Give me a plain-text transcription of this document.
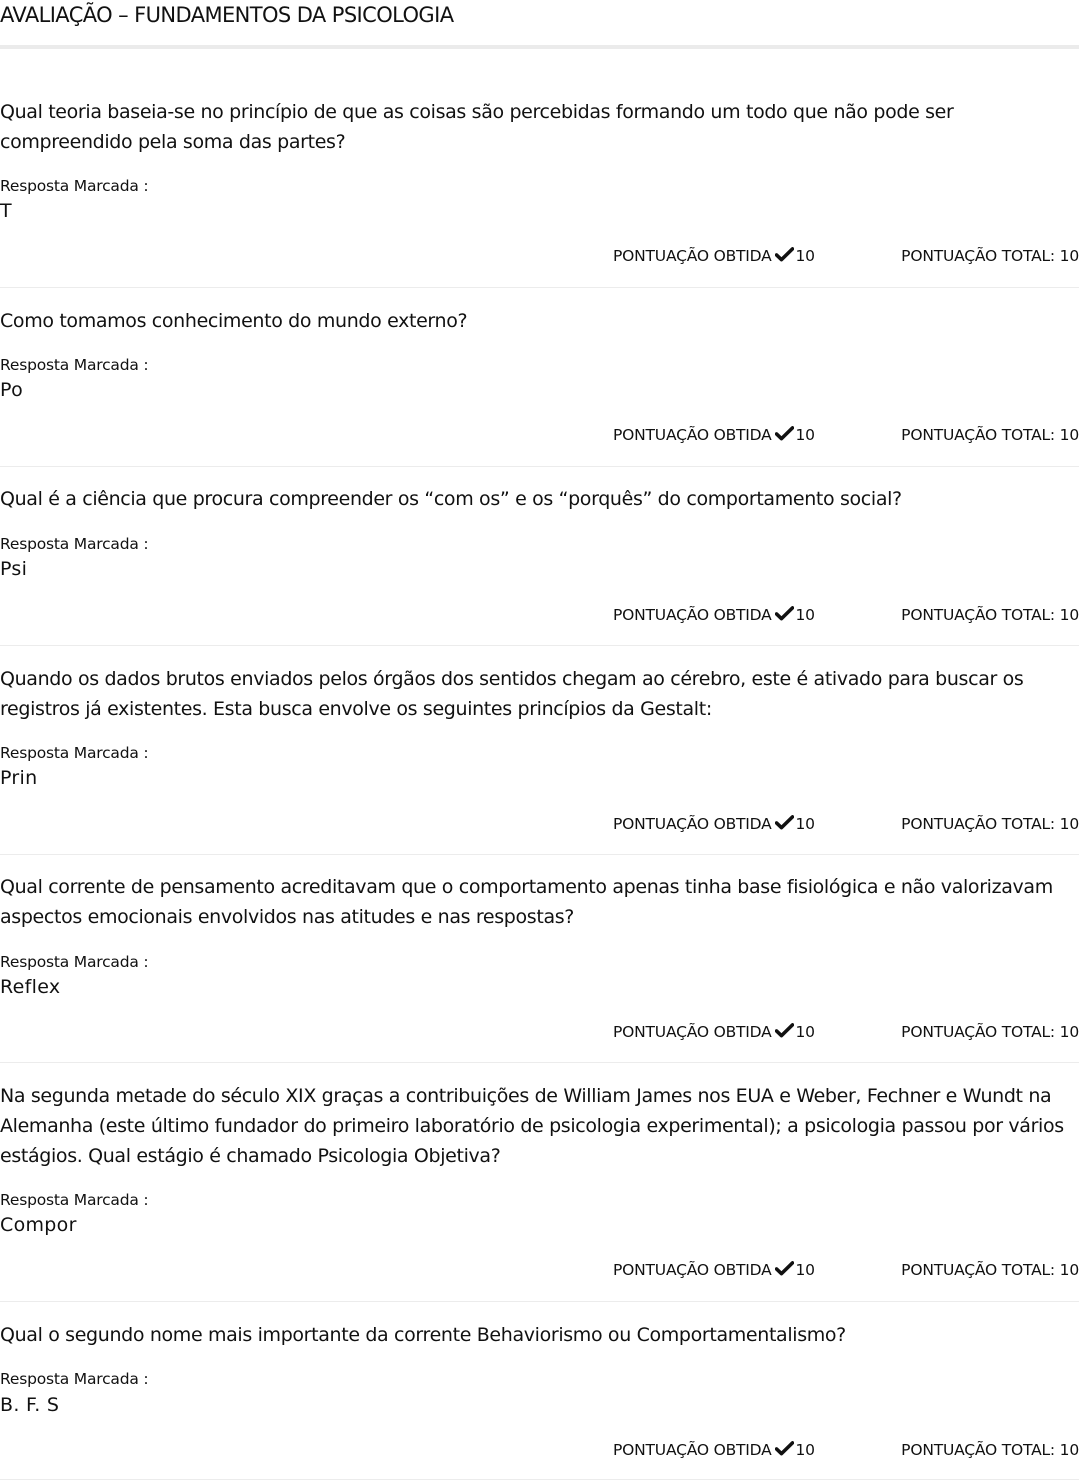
AVALIAÇÃO – FUNDAMENTOS DA PSICOLOGIA
Qual teoria baseia-se no princípio de que as coisas são percebidas formando um todo que não pode ser compreendido pela soma das partes?
Resposta Marcada :
T
PONTUAÇÃO OBTIDA 10	PONTUAÇÃO TOTAL: 10
Como tomamos conhecimento do mundo externo?
Resposta Marcada :
Po
PONTUAÇÃO OBTIDA 10	PONTUAÇÃO TOTAL: 10
Qual é a ciência que procura compreender os “com os” e os “porquês” do comportamento social?
Resposta Marcada :
Psi
PONTUAÇÃO OBTIDA 10	PONTUAÇÃO TOTAL: 10
Quando os dados brutos enviados pelos órgãos dos sentidos chegam ao cérebro, este é ativado para buscar os registros já existentes. Esta busca envolve os seguintes princípios da Gestalt:
Resposta Marcada :
Prin
PONTUAÇÃO OBTIDA 10	PONTUAÇÃO TOTAL: 10
Qual corrente de pensamento acreditavam que o comportamento apenas tinha base fisiológica e não valorizavam aspectos emocionais envolvidos nas atitudes e nas respostas?
Resposta Marcada :
Reflex
PONTUAÇÃO OBTIDA 10	PONTUAÇÃO TOTAL: 10
Na segunda metade do século XIX graças a contribuições de William James nos EUA e Weber, Fechner e Wundt na Alemanha (este último fundador do primeiro laboratório de psicologia experimental); a psicologia passou por vários estágios. Qual estágio é chamado Psicologia Objetiva?
Resposta Marcada :
Compor
PONTUAÇÃO OBTIDA 10	PONTUAÇÃO TOTAL: 10
Qual o segundo nome mais importante da corrente Behaviorismo ou Comportamentalismo?
Resposta Marcada :
B. F. S
PONTUAÇÃO OBTIDA 10	PONTUAÇÃO TOTAL: 10
